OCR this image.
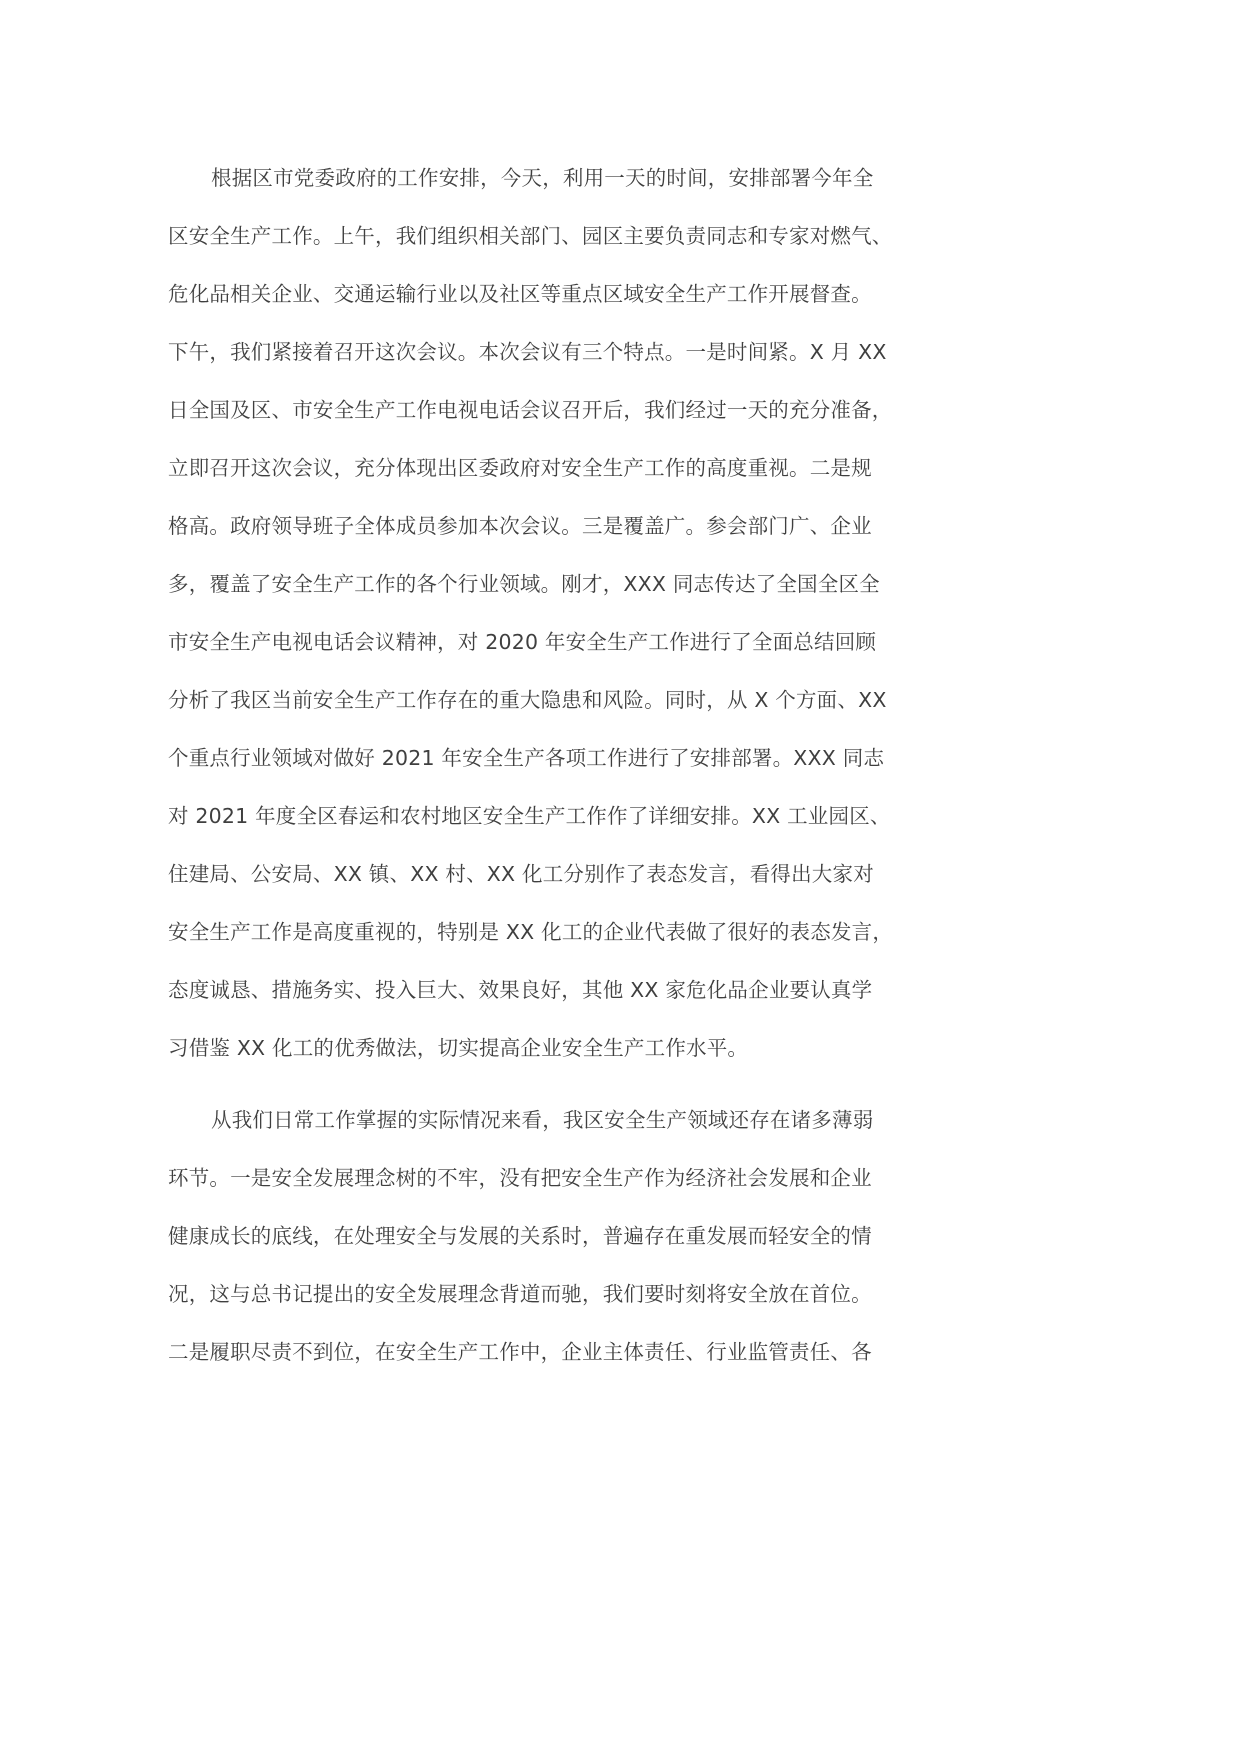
根据区市党委政府的工作安排，今天，利用一天的时间，安排部署今年全
区安全生产工作。上午，我们组织相关部门、园区主要负责同志和专家对燃气、
危化品相关企业、交通运输行业以及社区等重点区域安全生产工作开展督查。
下午，我们紧接着召开这次会议。本次会议有三个特点。一是时间紧。X 月 XX
日全国及区、市安全生产工作电视电话会议召开后，我们经过一天的充分准备，
立即召开这次会议，充分体现出区委政府对安全生产工作的高度重视。二是规
格高。政府领导班子全体成员参加本次会议。三是覆盖广。参会部门广、企业
多，覆盖了安全生产工作的各个行业领域。刚才，XXX 同志传达了全国全区全
市安全生产电视电话会议精神，对 2020 年安全生产工作进行了全面总结回顾
分析了我区当前安全生产工作存在的重大隐患和风险。同时，从 X 个方面、XX
个重点行业领域对做好 2021 年安全生产各项工作进行了安排部署。XXX 同志
对 2021 年度全区春运和农村地区安全生产工作作了详细安排。XX 工业园区、
住建局、公安局、XX 镇、XX 村、XX 化工分别作了表态发言，看得出大家对
安全生产工作是高度重视的，特别是 XX 化工的企业代表做了很好的表态发言，
态度诚恳、措施务实、投入巨大、效果良好，其他 XX 家危化品企业要认真学
习借鉴 XX 化工的优秀做法，切实提高企业安全生产工作水平。

从我们日常工作掌握的实际情况来看，我区安全生产领域还存在诸多薄弱
环节。一是安全发展理念树的不牢，没有把安全生产作为经济社会发展和企业
健康成长的底线，在处理安全与发展的关系时，普遍存在重发展而轻安全的情
况，这与总书记提出的安全发展理念背道而驰，我们要时刻将安全放在首位。
二是履职尽责不到位，在安全生产工作中，企业主体责任、行业监管责任、各
